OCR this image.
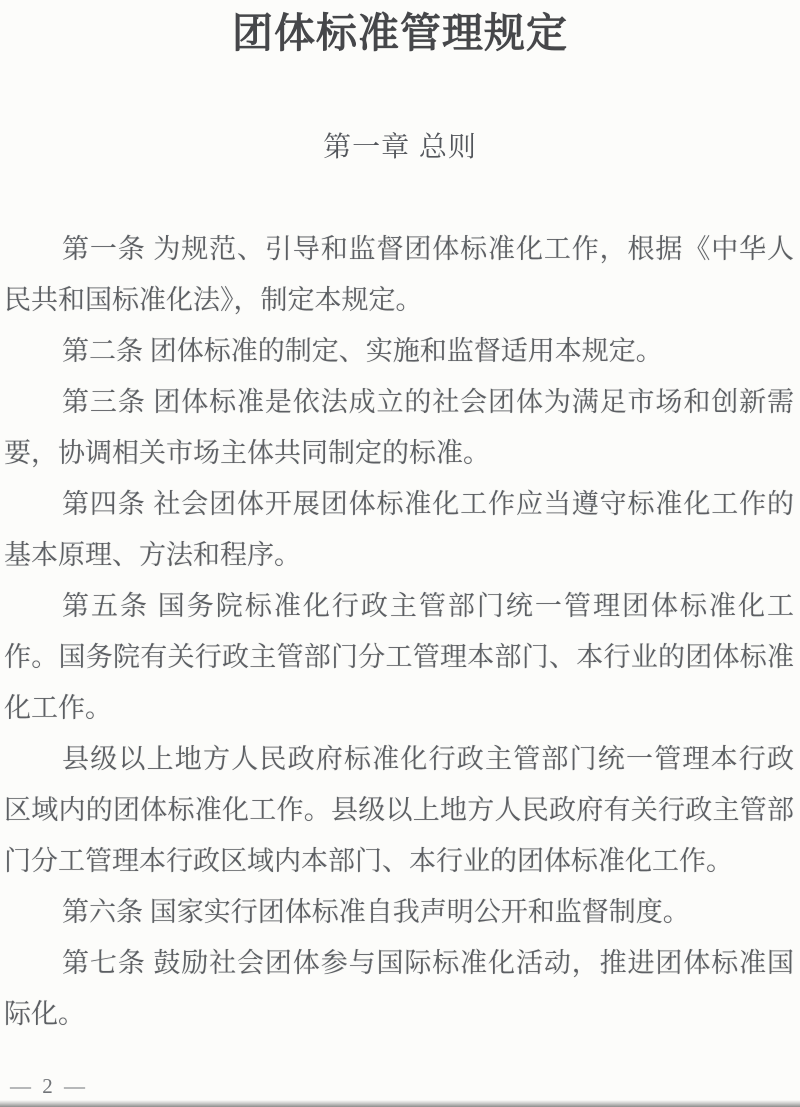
团体标准管理规定
第一章 总则
第一条 为规范、引导和监督团体标准化工作，根据《中华人
民共和国标准化法》，制定本规定。
第二条 团体标准的制定、实施和监督适用本规定。
第三条 团体标准是依法成立的社会团体为满足市场和创新需
要，协调相关市场主体共同制定的标准。
第四条 社会团体开展团体标准化工作应当遵守标准化工作的
基本原理、方法和程序。
第五条 国务院标准化行政主管部门统一管理团体标准化工
作。国务院有关行政主管部门分工管理本部门、本行业的团体标准
化工作。
县级以上地方人民政府标准化行政主管部门统一管理本行政
区域内的团体标准化工作。县级以上地方人民政府有关行政主管部
门分工管理本行政区域内本部门、本行业的团体标准化工作。
第六条 国家实行团体标准自我声明公开和监督制度。
第七条 鼓励社会团体参与国际标准化活动，推进团体标准国
际化。
— 2 —
